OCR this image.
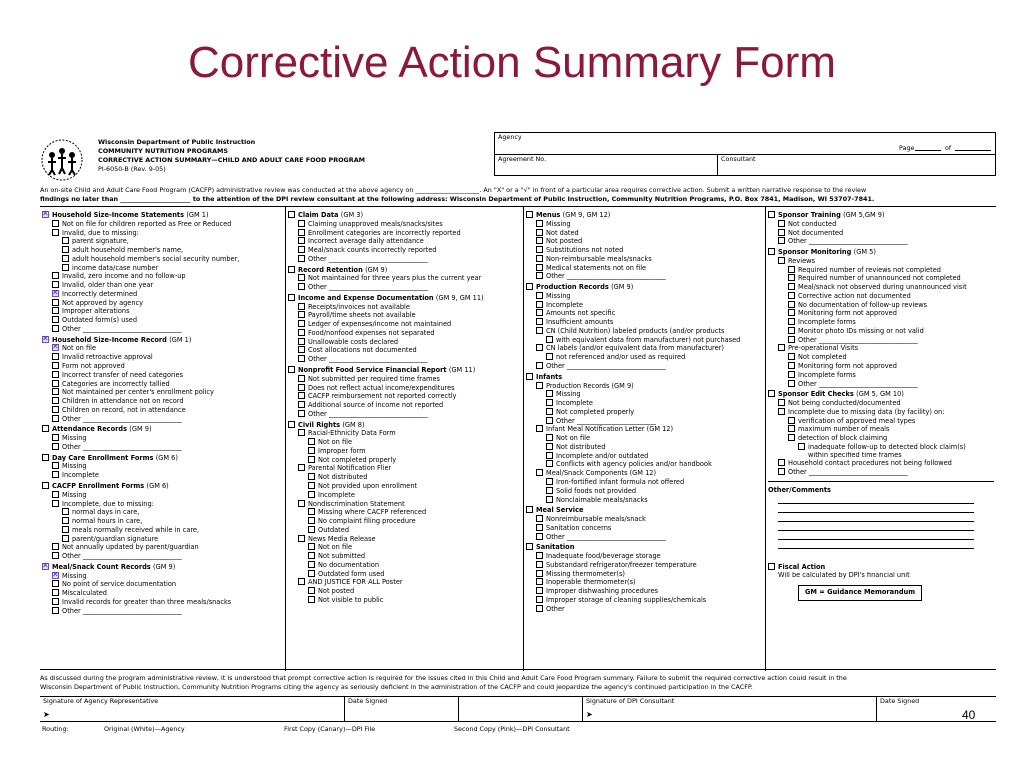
Corrective Action Summary Form
Wisconsin Department of Public Instruction
COMMUNITY NUTRITION PROGRAMS
CORRECTIVE ACTION SUMMARY—CHILD AND ADULT CARE FOOD PROGRAM
PI-6050-B (Rev. 9-05)
Agency
Page	of
Agreement No.	Consultant
An on-site Child and Adult Care Food Program (CACFP) administrative review was conducted at the above agency on ____________________. An "X" or a "√" in front of a particular area requires corrective action. Submit a written narrative response to the review
findings no later than ______________________ to the attention of the DPI review consultant at the following address: Wisconsin Department of Public Instruction, Community Nutrition Programs, P.O. Box 7841, Madison, WI 53707-7841.
✕Household Size-Income Statements (GM 1)
Not on file for children reported as Free or Reduced
Invalid, due to missing:
parent signature,
adult household member's name,
adult household member's social security number,
income data/case number
Invalid, zero income and no follow-up
Invalid, older than one year
✕Incorrectly determined
Not approved by agency
Improper alterations
Outdated form(s) used
Other ______________________________
✕Household Size-Income Record (GM 1)
✕Not on file
Invalid retroactive approval
Form not approved
Incorrect transfer of need categories
Categories are incorrectly tallied
Not maintained per center's enrollment policy
Children in attendance not on record
Children on record, not in attendance
Other ______________________________
Attendance Records (GM 9)
Missing
Other ______________________________
Day Care Enrollment Forms (GM 6)
Missing
Incomplete
CACFP Enrollment Forms (GM 6)
Missing
Incomplete, due to missing:
normal days in care,
normal hours in care,
meals normally received while in care,
parent/guardian signature
Not annually updated by parent/guardian
Other ______________________________
✕Meal/Snack Count Records (GM 9)
✕Missing
No point of service documentation
Miscalculated
Invalid records for greater than three meals/snacks
Other ______________________________
Claim Data (GM 3)
Claiming unapproved meals/snacks/sites
Enrollment categories are incorrectly reported
Incorrect average daily attendance
Meal/snack counts incorrectly reported
Other ______________________________
Record Retention (GM 9)
Not maintained for three years plus the current year
Other ______________________________
Income and Expense Documentation (GM 9, GM 11)
Receipts/invoices not available
Payroll/time sheets not available
Ledger of expenses/income not maintained
Food/nonfood expenses not separated
Unallowable costs declared
Cost allocations not documented
Other ______________________________
Nonprofit Food Service Financial Report (GM 11)
Not submitted per required time frames
Does not reflect actual income/expenditures
CACFP reimbursement not reported correctly
Additional source of income not reported
Other ______________________________
Civil Rights (GM 8)
Racial-Ethnicity Data Form
Not on file
Improper form
Not completed properly
Parental Notification Flier
Not distributed
Not provided upon enrollment
Incomplete
Nondiscrimination Statement
Missing where CACFP referenced
No complaint filing procedure
Outdated
News Media Release
Not on file
Not submitted
No documentation
Outdated form used
AND JUSTICE FOR ALL Poster
Not posted
Not visible to public
Menus (GM 9, GM 12)
Missing
Not dated
Not posted
Substitutions not noted
Non-reimbursable meals/snacks
Medical statements not on file
Other ______________________________
Production Records (GM 9)
Missing
Incomplete
Amounts not specific
Insufficient amounts
CN (Child Nutrition) labeled products (and/or products
with equivalent data from manufacturer) not purchased
CN labels (and/or equivalent data from manufacturer)
not referenced and/or used as required
Other ______________________________
Infants
Production Records (GM 9)
Missing
Incomplete
Not completed properly
Other ________________________
Infant Meal Notification Letter (GM 12)
Not on file
Not distributed
Incomplete and/or outdated
Conflicts with agency policies and/or handbook
Meal/Snack Components (GM 12)
Iron-fortified infant formula not offered
Solid foods not provided
Nonclaimable meals/snacks
Meal Service
Nonreimbursable meals/snack
Sanitation concerns
Other ______________________________
Sanitation
Inadequate food/beverage storage
Substandard refrigerator/freezer temperature
Missing thermometer(s)
Inoperable thermometer(s)
Improper dishwashing procedures
Improper storage of cleaning supplies/chemicals
Other
Sponsor Training (GM 5,GM 9)
Not conducted
Not documented
Other ______________________________
Sponsor Monitoring (GM 5)
Reviews
Required number of reviews not completed
Required number of unannounced not completed
Meal/snack not observed during unannounced visit
Corrective action not documented
No documentation of follow-up reviews
Monitoring form not approved
Incomplete forms
Monitor photo IDs missing or not valid
Other ______________________________
Pre-operational Visits
Not completed
Monitoring form not approved
Incomplete forms
Other ______________________________
Sponsor Edit Checks (GM 5, GM 10)
Not being conducted/documented
Incomplete due to missing data (by facility) on:
verification of approved meal types
maximum number of meals
detection of block claiming
inadequate follow-up to detected block claim(s)
within specified time frames
Household contact procedures not being followed
Other ______________________________
Other/Comments
Fiscal Action
Will be calculated by DPI's financial unit
GM = Guidance Memorandum
As discussed during the program administrative review, it is understood that prompt corrective action is required for the issues cited in this Child and Adult Care Food Program summary. Failure to submit the required corrective action could result in the
Wisconsin Department of Public Instruction, Community Nutrition Programs citing the agency as seriously deficient in the administration of the CACFP and could jeopardize the agency's continued participation in the CACFP.
Signature of Agency Representative
➤
Date Signed	Signature of DPI Consultant
➤
Date Signed
Routing:	Original (White)—Agency	First Copy (Canary)—DPI File	Second Copy (Pink)—DPI Consultant
40
